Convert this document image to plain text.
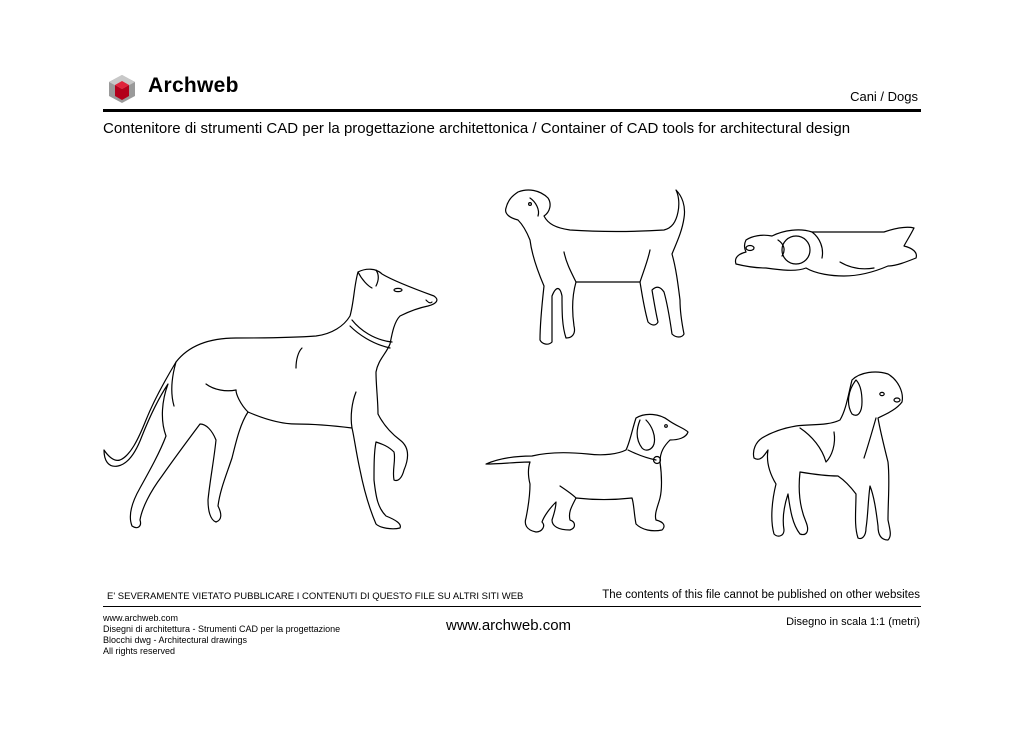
Archweb	Cani / Dogs
Contenitore di strumenti CAD per la progettazione architettonica / Container of CAD tools for architectural design
E' SEVERAMENTE VIETATO PUBBLICARE I CONTENUTI DI QUESTO FILE SU ALTRI SITI WEB	The contents of this file cannot be published on other websites
www.archweb.com
Disegni di architettura - Strumenti CAD per la progettazione
Blocchi dwg - Architectural drawings
All rights reserved
www.archweb.com	Disegno in scala 1:1 (metri)
